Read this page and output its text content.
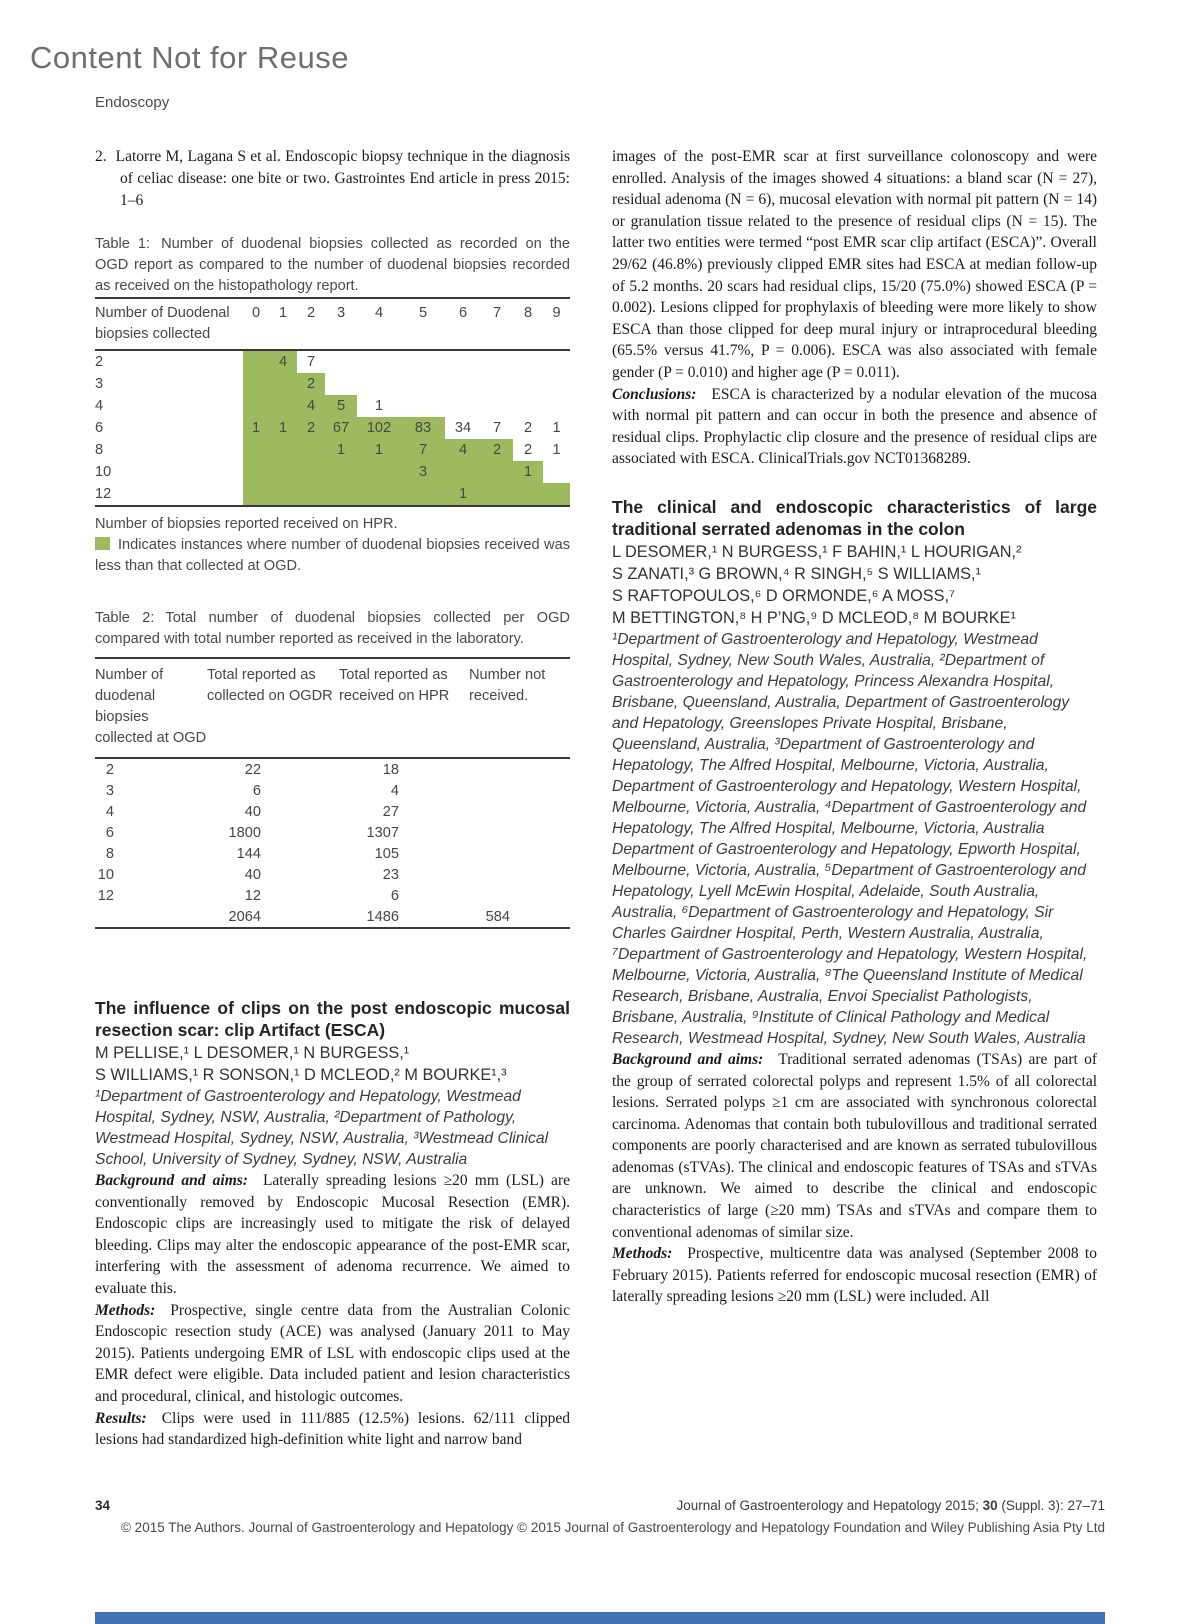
Content Not for Reuse
Endoscopy

2. Latorre M, Lagana S et al. Endoscopic biopsy technique in the diagnosis of celiac disease: one bite or two. Gastrointes End article in press 2015: 1–6

Table 1: Number of duodenal biopsies collected as recorded on the OGD report as compared to the number of duodenal biopsies recorded as received on the histopathology report.

Number of Duodenal biopsies collected	0	1	2	3	4	5	6	7	8	9
2		4	7							
3			2							
4			4	5	1					
6	1	1	2	67	102	83	34	7	2	1
8				1	1	7	4	2	2	1
10						3			1	
12							1			

Number of biopsies reported received on HPR.

Indicates instances where number of duodenal biopsies received was less than that collected at OGD.

Table 2: Total number of duodenal biopsies collected per OGD compared with total number reported as received in the laboratory.

Number of duodenal biopsies collected at OGD	Total reported as collected on OGDR	Total reported as received on HPR	Number not received.
2	22	18	
3	6	4	
4	40	27	
6	1800	1307	
8	144	105	
10	40	23	
12	12	6	
	2064	1486	584
The influence of clips on the post endoscopic mucosal resection scar: clip Artifact (ESCA)

M PELLISE,¹ L DESOMER,¹ N BURGESS,¹
S WILLIAMS,¹ R SONSON,¹ D MCLEOD,² M BOURKE¹,³

¹Department of Gastroenterology and Hepatology, Westmead Hospital, Sydney, NSW, Australia, ²Department of Pathology, Westmead Hospital, Sydney, NSW, Australia, ³Westmead Clinical School, University of Sydney, Sydney, NSW, Australia

Background and aims: Laterally spreading lesions ≥20 mm (LSL) are conventionally removed by Endoscopic Mucosal Resection (EMR). Endoscopic clips are increasingly used to mitigate the risk of delayed bleeding. Clips may alter the endoscopic appearance of the post-EMR scar, interfering with the assessment of adenoma recurrence. We aimed to evaluate this.

Methods: Prospective, single centre data from the Australian Colonic Endoscopic resection study (ACE) was analysed (January 2011 to May 2015). Patients undergoing EMR of LSL with endoscopic clips used at the EMR defect were eligible. Data included patient and lesion characteristics and procedural, clinical, and histologic outcomes.

Results: Clips were used in 111/885 (12.5%) lesions. 62/111 clipped lesions had standardized high-definition white light and narrow band

images of the post-EMR scar at first surveillance colonoscopy and were enrolled. Analysis of the images showed 4 situations: a bland scar (N = 27), residual adenoma (N = 6), mucosal elevation with normal pit pattern (N = 14) or granulation tissue related to the presence of residual clips (N = 15). The latter two entities were termed “post EMR scar clip artifact (ESCA)”. Overall 29/62 (46.8%) previously clipped EMR sites had ESCA at median follow-up of 5.2 months. 20 scars had residual clips, 15/20 (75.0%) showed ESCA (P = 0.002). Lesions clipped for prophylaxis of bleeding were more likely to show ESCA than those clipped for deep mural injury or intraprocedural bleeding (65.5% versus 41.7%, P = 0.006). ESCA was also associated with female gender (P = 0.010) and higher age (P = 0.011).

Conclusions: ESCA is characterized by a nodular elevation of the mucosa with normal pit pattern and can occur in both the presence and absence of residual clips. Prophylactic clip closure and the presence of residual clips are associated with ESCA. ClinicalTrials.gov NCT01368289.

The clinical and endoscopic characteristics of large traditional serrated adenomas in the colon

L DESOMER,¹ N BURGESS,¹ F BAHIN,¹ L HOURIGAN,²
S ZANATI,³ G BROWN,⁴ R SINGH,⁵ S WILLIAMS,¹
S RAFTOPOULOS,⁶ D ORMONDE,⁶ A MOSS,⁷
M BETTINGTON,⁸ H P’NG,⁹ D MCLEOD,⁸ M BOURKE¹

¹Department of Gastroenterology and Hepatology, Westmead Hospital, Sydney, New South Wales, Australia, ²Department of Gastroenterology and Hepatology, Princess Alexandra Hospital, Brisbane, Queensland, Australia, Department of Gastroenterology and Hepatology, Greenslopes Private Hospital, Brisbane, Queensland, Australia, ³Department of Gastroenterology and Hepatology, The Alfred Hospital, Melbourne, Victoria, Australia, Department of Gastroenterology and Hepatology, Western Hospital, Melbourne, Victoria, Australia, ⁴Department of Gastroenterology and Hepatology, The Alfred Hospital, Melbourne, Victoria, Australia Department of Gastroenterology and Hepatology, Epworth Hospital, Melbourne, Victoria, Australia, ⁵Department of Gastroenterology and Hepatology, Lyell McEwin Hospital, Adelaide, South Australia, Australia, ⁶Department of Gastroenterology and Hepatology, Sir Charles Gairdner Hospital, Perth, Western Australia, Australia, ⁷Department of Gastroenterology and Hepatology, Western Hospital, Melbourne, Victoria, Australia, ⁸The Queensland Institute of Medical Research, Brisbane, Australia, Envoi Specialist Pathologists, Brisbane, Australia, ⁹Institute of Clinical Pathology and Medical Research, Westmead Hospital, Sydney, New South Wales, Australia

Background and aims: Traditional serrated adenomas (TSAs) are part of the group of serrated colorectal polyps and represent 1.5% of all colorectal lesions. Serrated polyps ≥1 cm are associated with synchronous colorectal carcinoma. Adenomas that contain both tubulovillous and traditional serrated components are poorly characterised and are known as serrated tubulovillous adenomas (sTVAs). The clinical and endoscopic features of TSAs and sTVAs are unknown. We aimed to describe the clinical and endoscopic characteristics of large (≥20 mm) TSAs and sTVAs and compare them to conventional adenomas of similar size.

Methods: Prospective, multicentre data was analysed (September 2008 to February 2015). Patients referred for endoscopic mucosal resection (EMR) of laterally spreading lesions ≥20 mm (LSL) were included. All

34	Journal of Gastroenterology and Hepatology 2015; 30 (Suppl. 3): 27–71
© 2015 The Authors. Journal of Gastroenterology and Hepatology © 2015 Journal of Gastroenterology and Hepatology Foundation and Wiley Publishing Asia Pty Ltd
